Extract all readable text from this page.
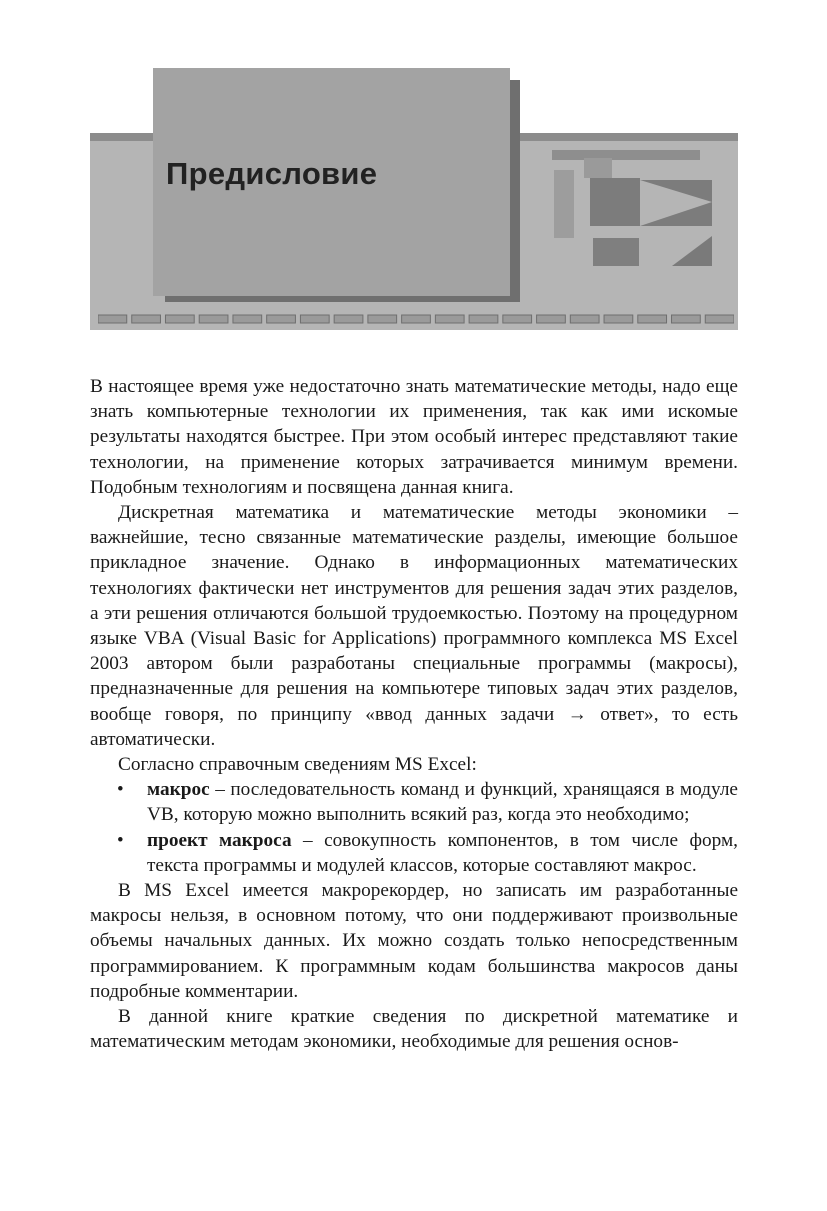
Предисловие

В настоящее время уже недостаточно знать математические методы, надо еще знать компьютерные технологии их применения, так как ими искомые результаты находятся быстрее. При этом особый интерес представляют такие технологии, на применение которых затрачивается минимум времени. Подобным технологиям и посвящена данная книга.

Дискретная математика и математические методы экономики – важнейшие, тесно связанные математические разделы, имеющие большое прикладное значение. Однако в информационных математических технологиях фактически нет инструментов для решения задач этих разделов, а эти решения отличаются большой трудоемкостью. Поэтому на процедурном языке VBA (Visual Basic for Applications) программного комплекса MS Excel 2003 автором были разработаны специальные программы (макросы), предназначенные для решения на компьютере типовых задач этих разделов, вообще говоря, по принципу «ввод данных задачи → ответ», то есть автоматически.

Согласно справочным сведениям MS Excel:

• макрос – последовательность команд и функций, хранящаяся в модуле VB, которую можно выполнить всякий раз, когда это необходимо;
• проект макроса – совокупность компонентов, в том числе форм, текста программы и модулей классов, которые составляют макрос.

В MS Excel имеется макрорекордер, но записать им разработанные макросы нельзя, в основном потому, что они поддерживают произвольные объемы начальных данных. Их можно создать только непосредственным программированием. К программным кодам большинства макросов даны подробные комментарии.

В данной книге краткие сведения по дискретной математике и математическим методам экономики, необходимые для решения основ-
